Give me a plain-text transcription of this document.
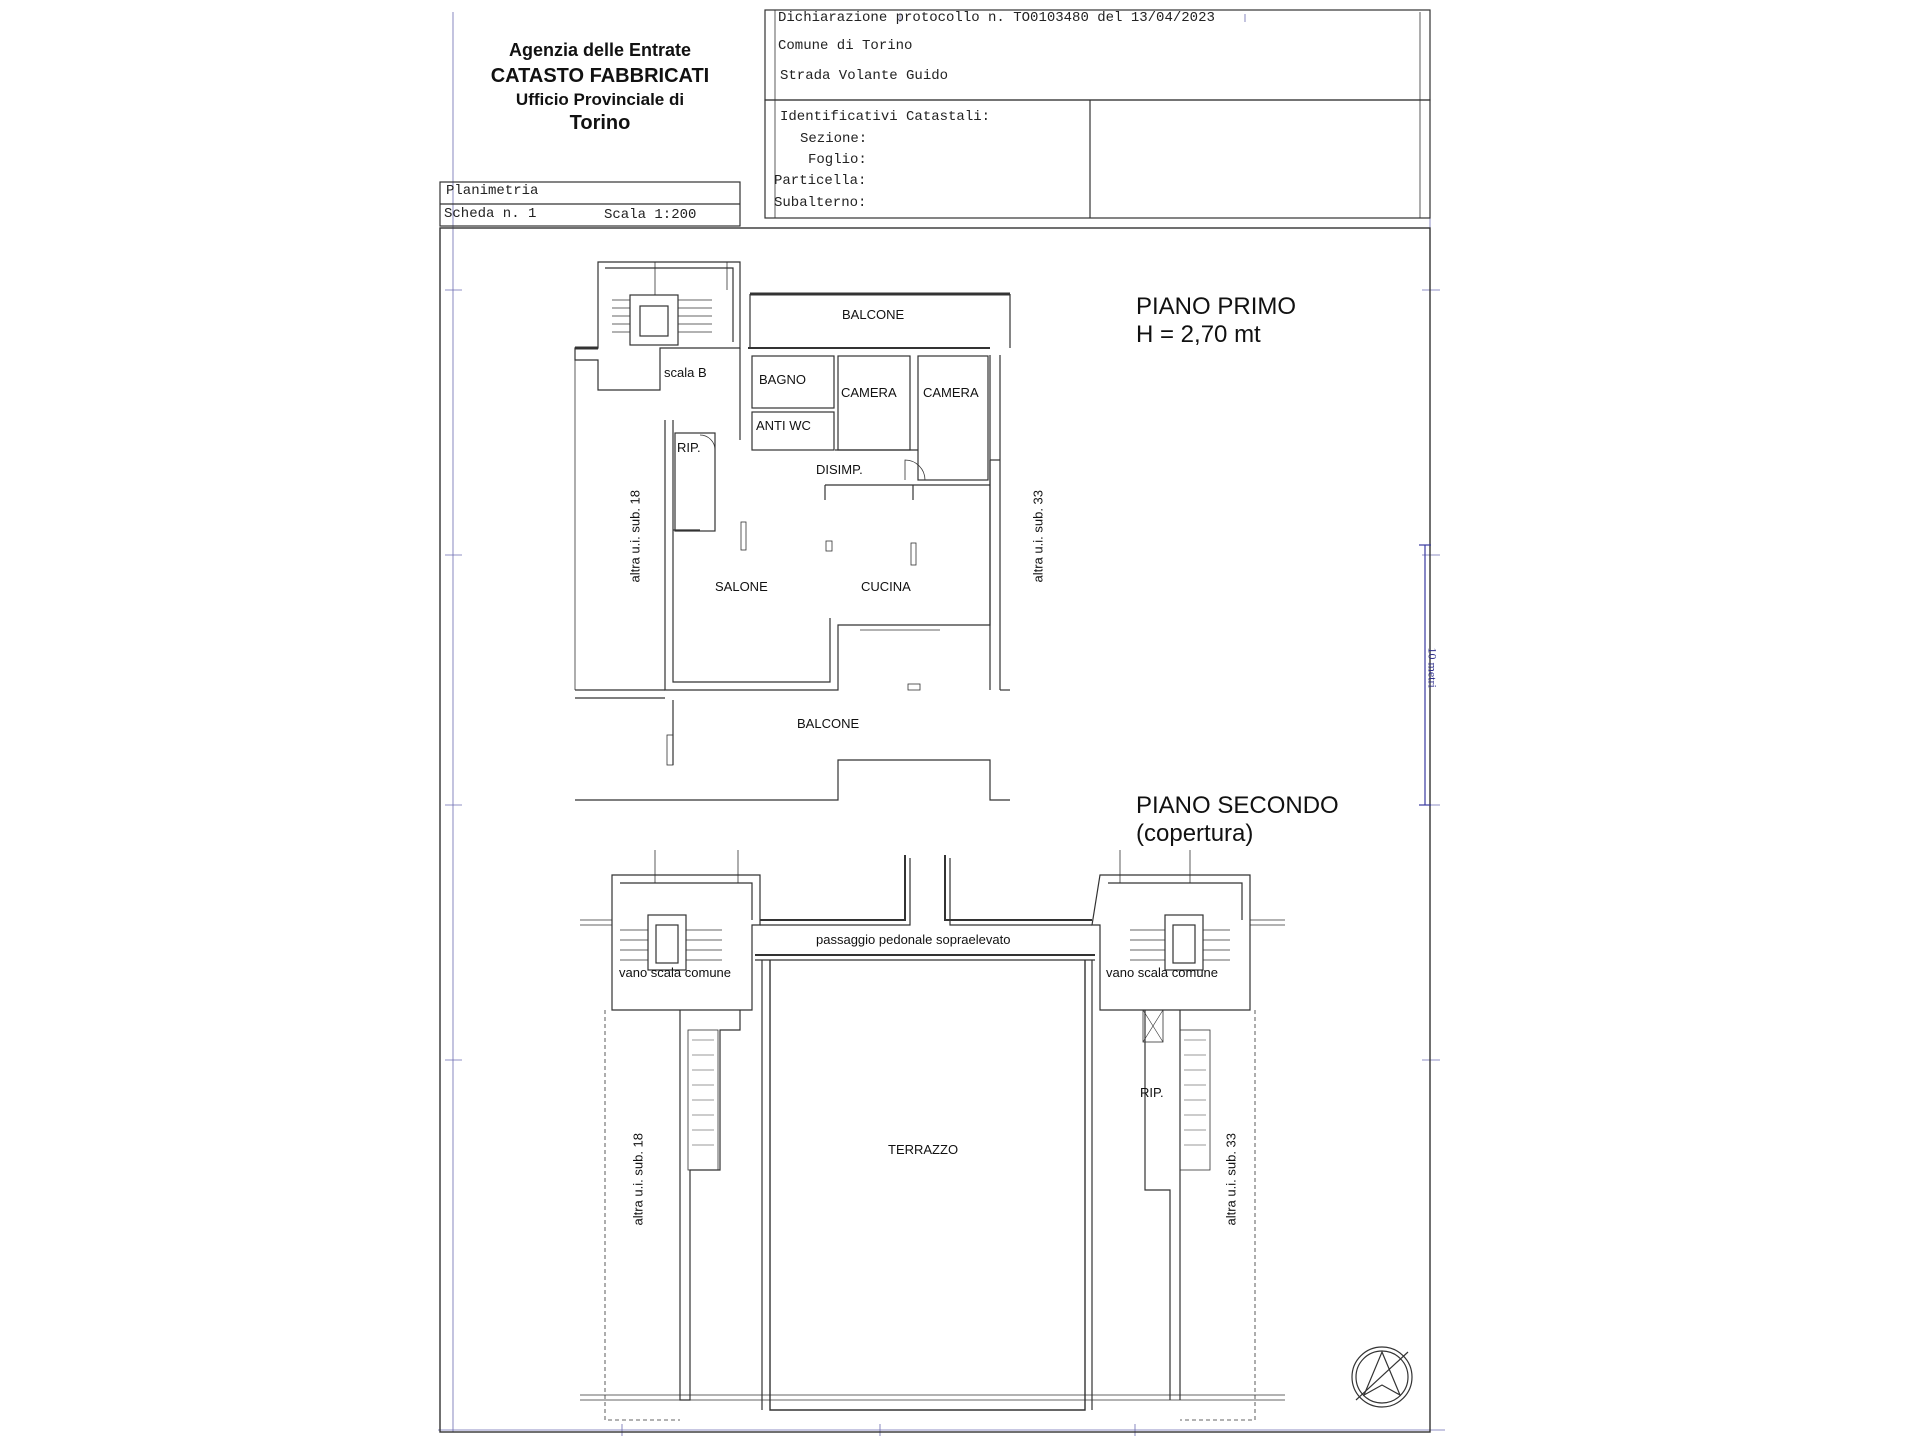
Agenzia delle Entrate
CATASTO FABBRICATI
Ufficio Provinciale di
Torino
Dichiarazione protocollo n. TO0103480 del 13/04/2023
Comune di Torino
Strada Volante Guido
Identificativi Catastali:
Sezione:
Foglio:
Particella:
Subalterno:
Planimetria
Scheda n. 1	Scala 1:200
PIANO PRIMO
H = 2,70 mt
BALCONE
scala B	BAGNO
CAMERA CAMERA
ANTI WC
RIP.
DISIMP.
SALONE	CUCINA
BALCONE
altra u.i. sub. 18	altra u.i. sub. 33
PIANO SECONDO
(copertura)
passaggio pedonale sopraelevato
vano scala comune	vano scala comune
RIP.
TERRAZZO
altra u.i. sub. 18	altra u.i. sub. 33
10 metri
